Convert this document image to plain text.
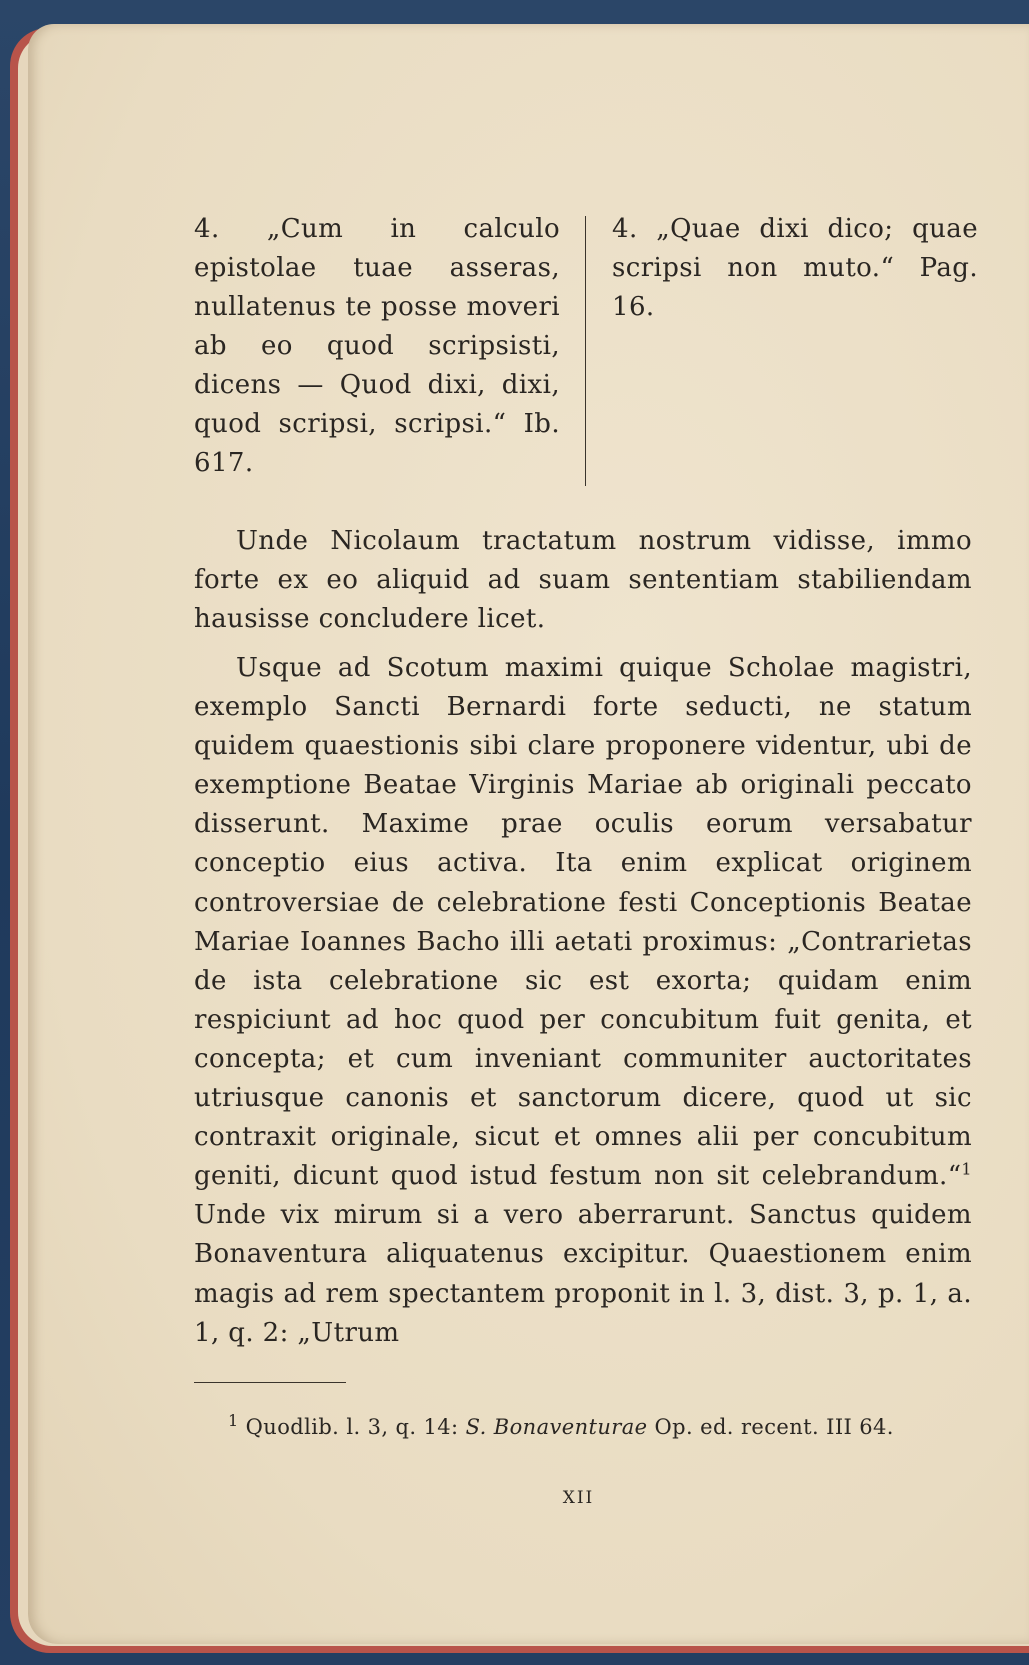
4. „Cum in calculo epistolae tuae asseras, nullatenus te posse moveri ab eo quod scripsisti, dicens — Quod dixi, dixi, quod scripsi, scripsi.“ Ib. 617.
4. „Quae dixi dico; quae scripsi non muto.“ Pag. 16.
Unde Nicolaum tractatum nostrum vidisse, immo forte ex eo aliquid ad suam sententiam stabiliendam hausisse concludere licet.
Usque ad Scotum maximi quique Scholae magistri, exemplo Sancti Bernardi forte seducti, ne statum quidem quaestionis sibi clare proponere videntur, ubi de exemptione Beatae Virginis Mariae ab originali peccato disserunt. Maxime prae oculis eorum versabatur conceptio eius activa. Ita enim explicat originem controversiae de celebratione festi Conceptionis Beatae Mariae Ioannes Bacho illi aetati proximus: „Contrarietas de ista celebratione sic est exorta; quidam enim respiciunt ad hoc quod per concubitum fuit genita, et concepta; et cum inveniant communiter auctoritates utriusque canonis et sanctorum dicere, quod ut sic contraxit originale, sicut et omnes alii per concubitum geniti, dicunt quod istud festum non sit celebrandum.“$^1$ Unde vix mirum si a vero aberrarunt. Sanctus quidem Bonaventura aliquatenus excipitur. Quaestionem enim magis ad rem spectantem proponit in l. 3, dist. 3, p. 1, a. 1, q. 2: „Utrum
$^1$ Quodlib. l. 3, q. 14: S. Bonaventurae Op. ed. recent. III 64.
XII
